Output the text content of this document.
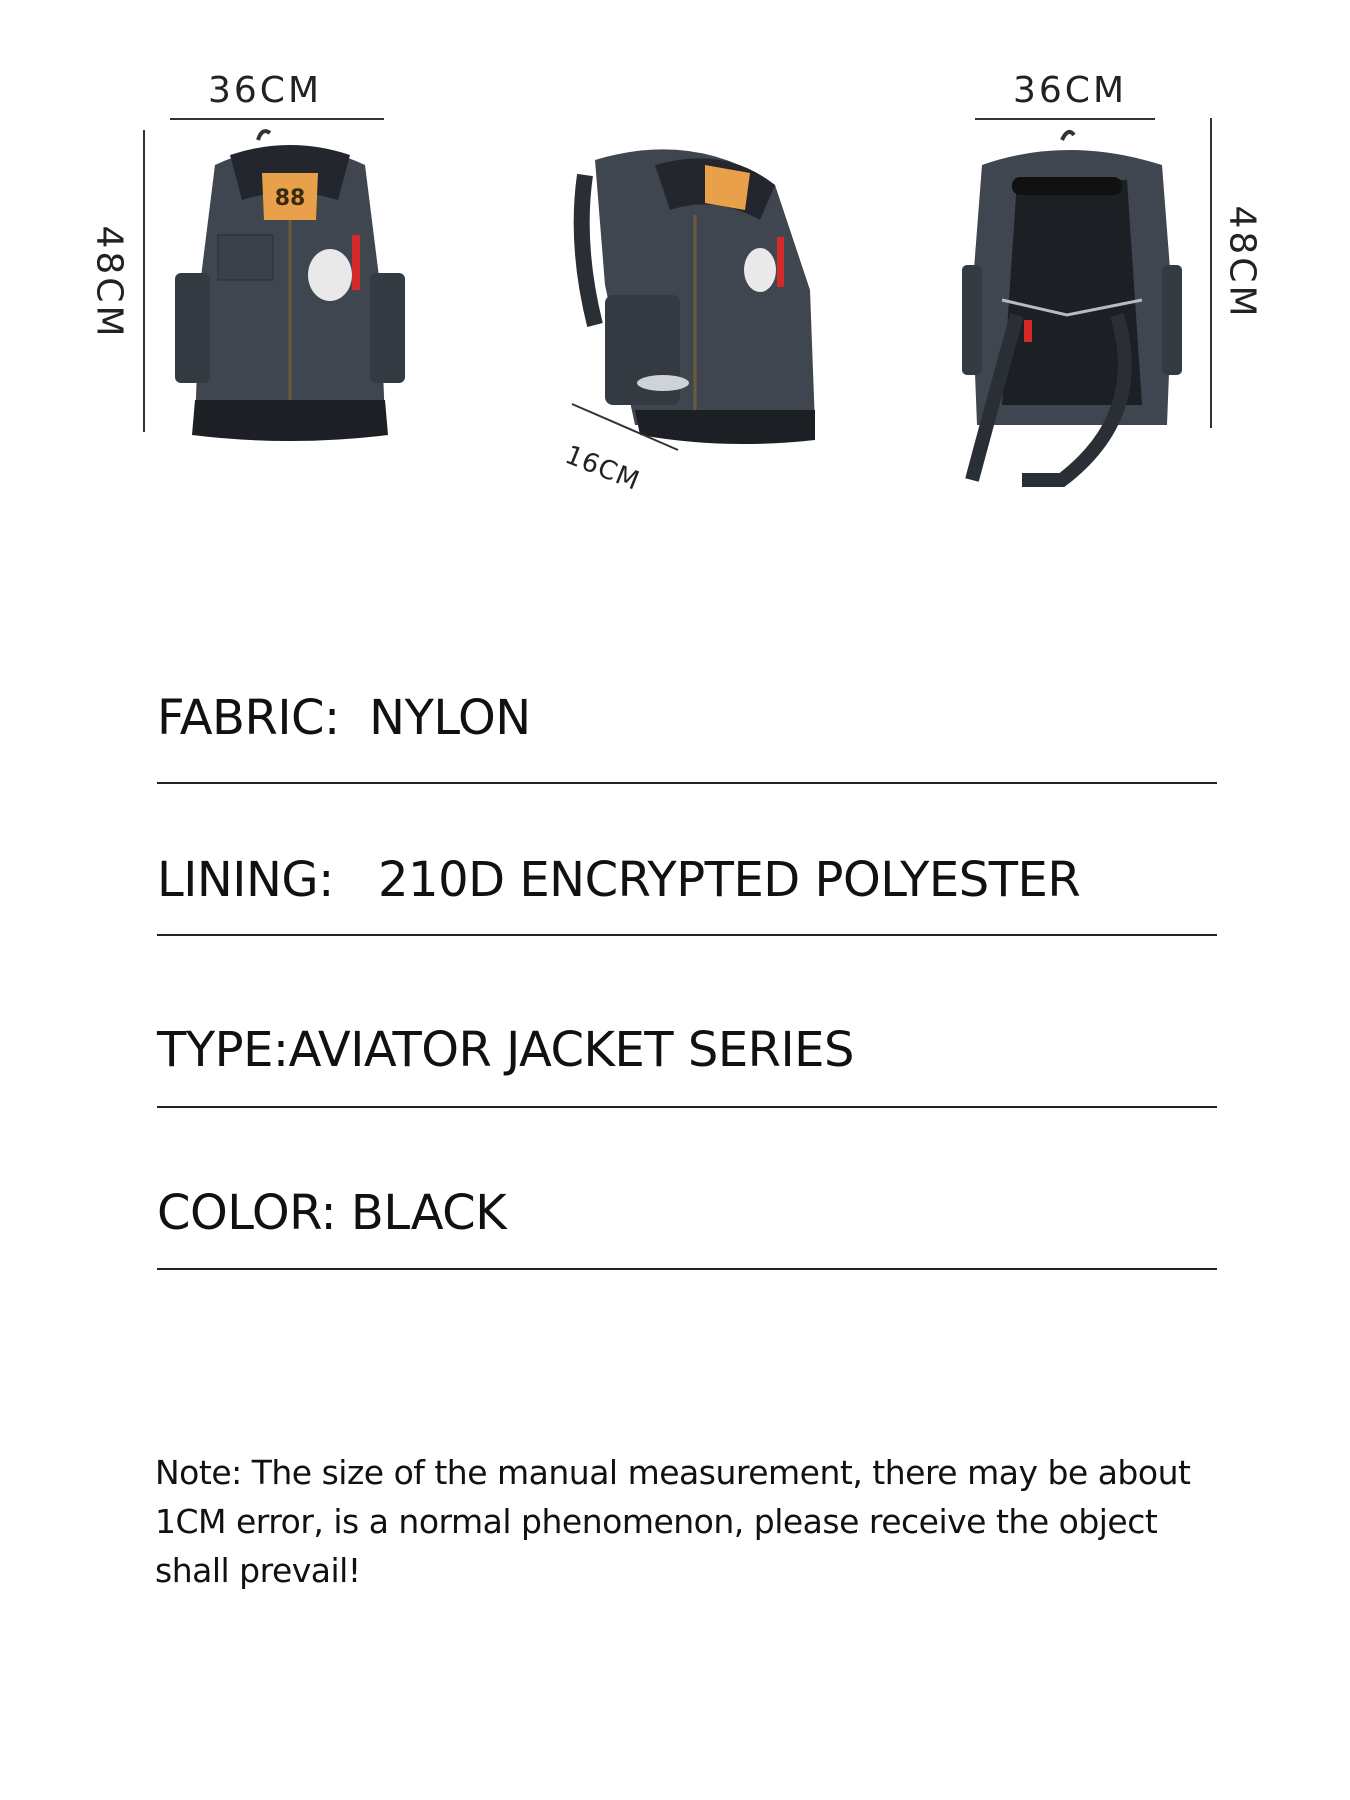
36CM
48CM
88
16CM
36CM
48CM
FABRIC:  NYLON
LINING:   210D ENCRYPTED POLYESTER
TYPE:AVIATOR JACKET SERIES
COLOR: BLACK
Note: The size of the manual measurement, there may be about 1CM error, is a normal phenomenon, please receive the object shall prevail!
